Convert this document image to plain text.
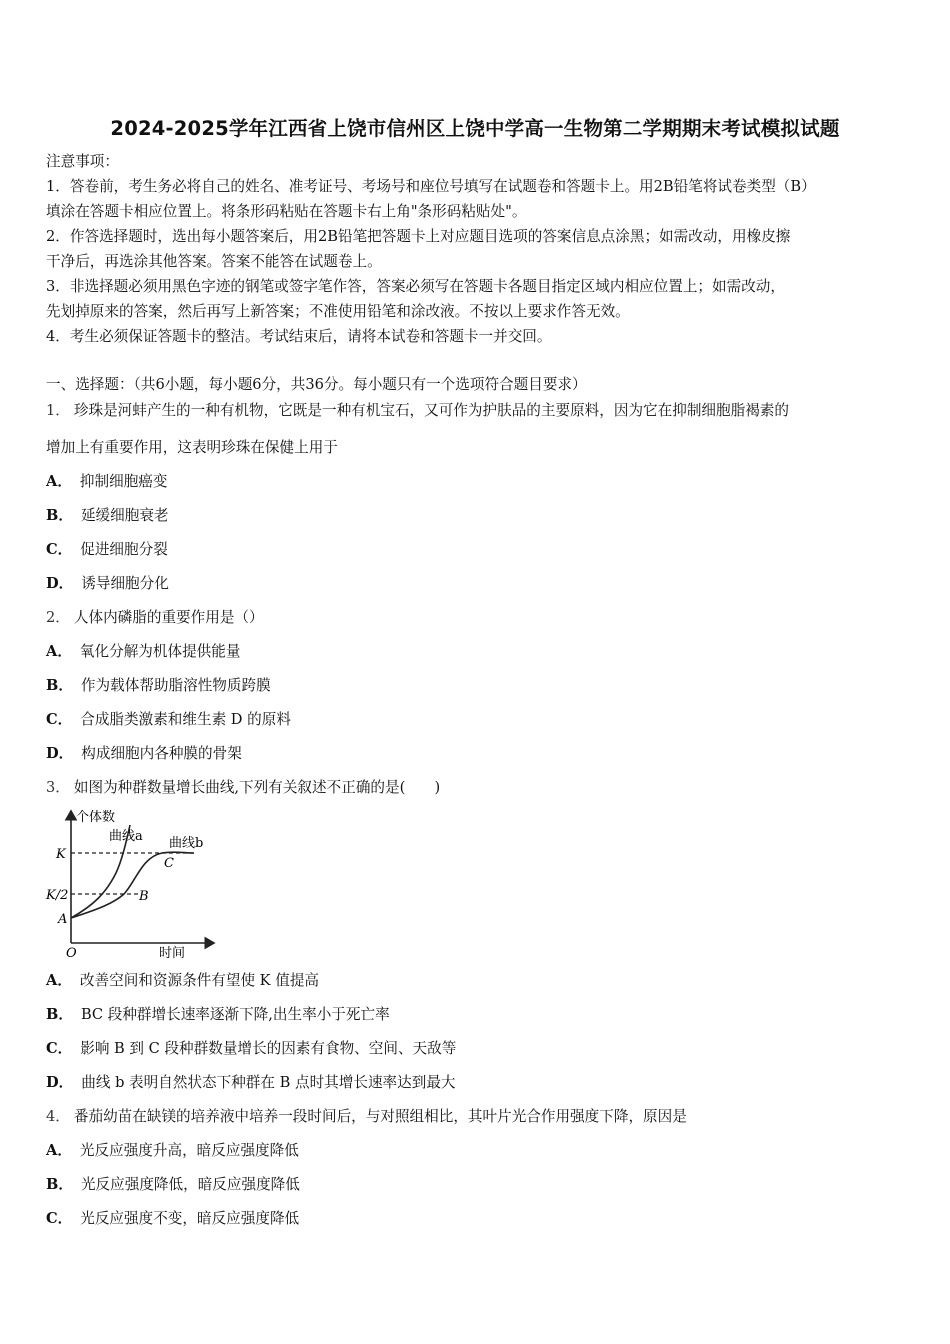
2024-2025学年江西省上饶市信州区上饶中学高一生物第二学期期末考试模拟试题
注意事项：
1．答卷前，考生务必将自己的姓名、准考证号、考场号和座位号填写在试题卷和答题卡上。用2B铅笔将试卷类型（B）
填涂在答题卡相应位置上。将条形码粘贴在答题卡右上角"条形码粘贴处"。
2．作答选择题时，选出每小题答案后，用2B铅笔把答题卡上对应题目选项的答案信息点涂黑；如需改动，用橡皮擦
干净后，再选涂其他答案。答案不能答在试题卷上。
3．非选择题必须用黑色字迹的钢笔或签字笔作答，答案必须写在答题卡各题目指定区域内相应位置上；如需改动，
先划掉原来的答案，然后再写上新答案；不准使用铅笔和涂改液。不按以上要求作答无效。
4．考生必须保证答题卡的整洁。考试结束后，请将本试卷和答题卡一并交回。
一、选择题：（共6小题，每小题6分，共36分。每小题只有一个选项符合题目要求）
1． 珍珠是河蚌产生的一种有机物，它既是一种有机宝石，又可作为护肤品的主要原料，因为它在抑制细胞脂褐素的
增加上有重要作用，这表明珍珠在保健上用于
A． 抑制细胞癌变
B． 延缓细胞衰老
C． 促进细胞分裂
D． 诱导细胞分化
2． 人体内磷脂的重要作用是（）
A． 氧化分解为机体提供能量
B． 作为载体帮助脂溶性物质跨膜
C． 合成脂类激素和维生素 D 的原料
D． 构成细胞内各种膜的骨架
3． 如图为种群数量增长曲线,下列有关叙述不正确的是(　　)
个体数
曲线a 曲线b
K
K/2
A
B
C
O	时间
A． 改善空间和资源条件有望使 K 值提高
B． BC 段种群增长速率逐渐下降,出生率小于死亡率
C． 影响 B 到 C 段种群数量增长的因素有食物、空间、天敌等
D． 曲线 b 表明自然状态下种群在 B 点时其增长速率达到最大
4． 番茄幼苗在缺镁的培养液中培养一段时间后，与对照组相比，其叶片光合作用强度下降，原因是
A． 光反应强度升高，暗反应强度降低
B． 光反应强度降低，暗反应强度降低
C． 光反应强度不变，暗反应强度降低
